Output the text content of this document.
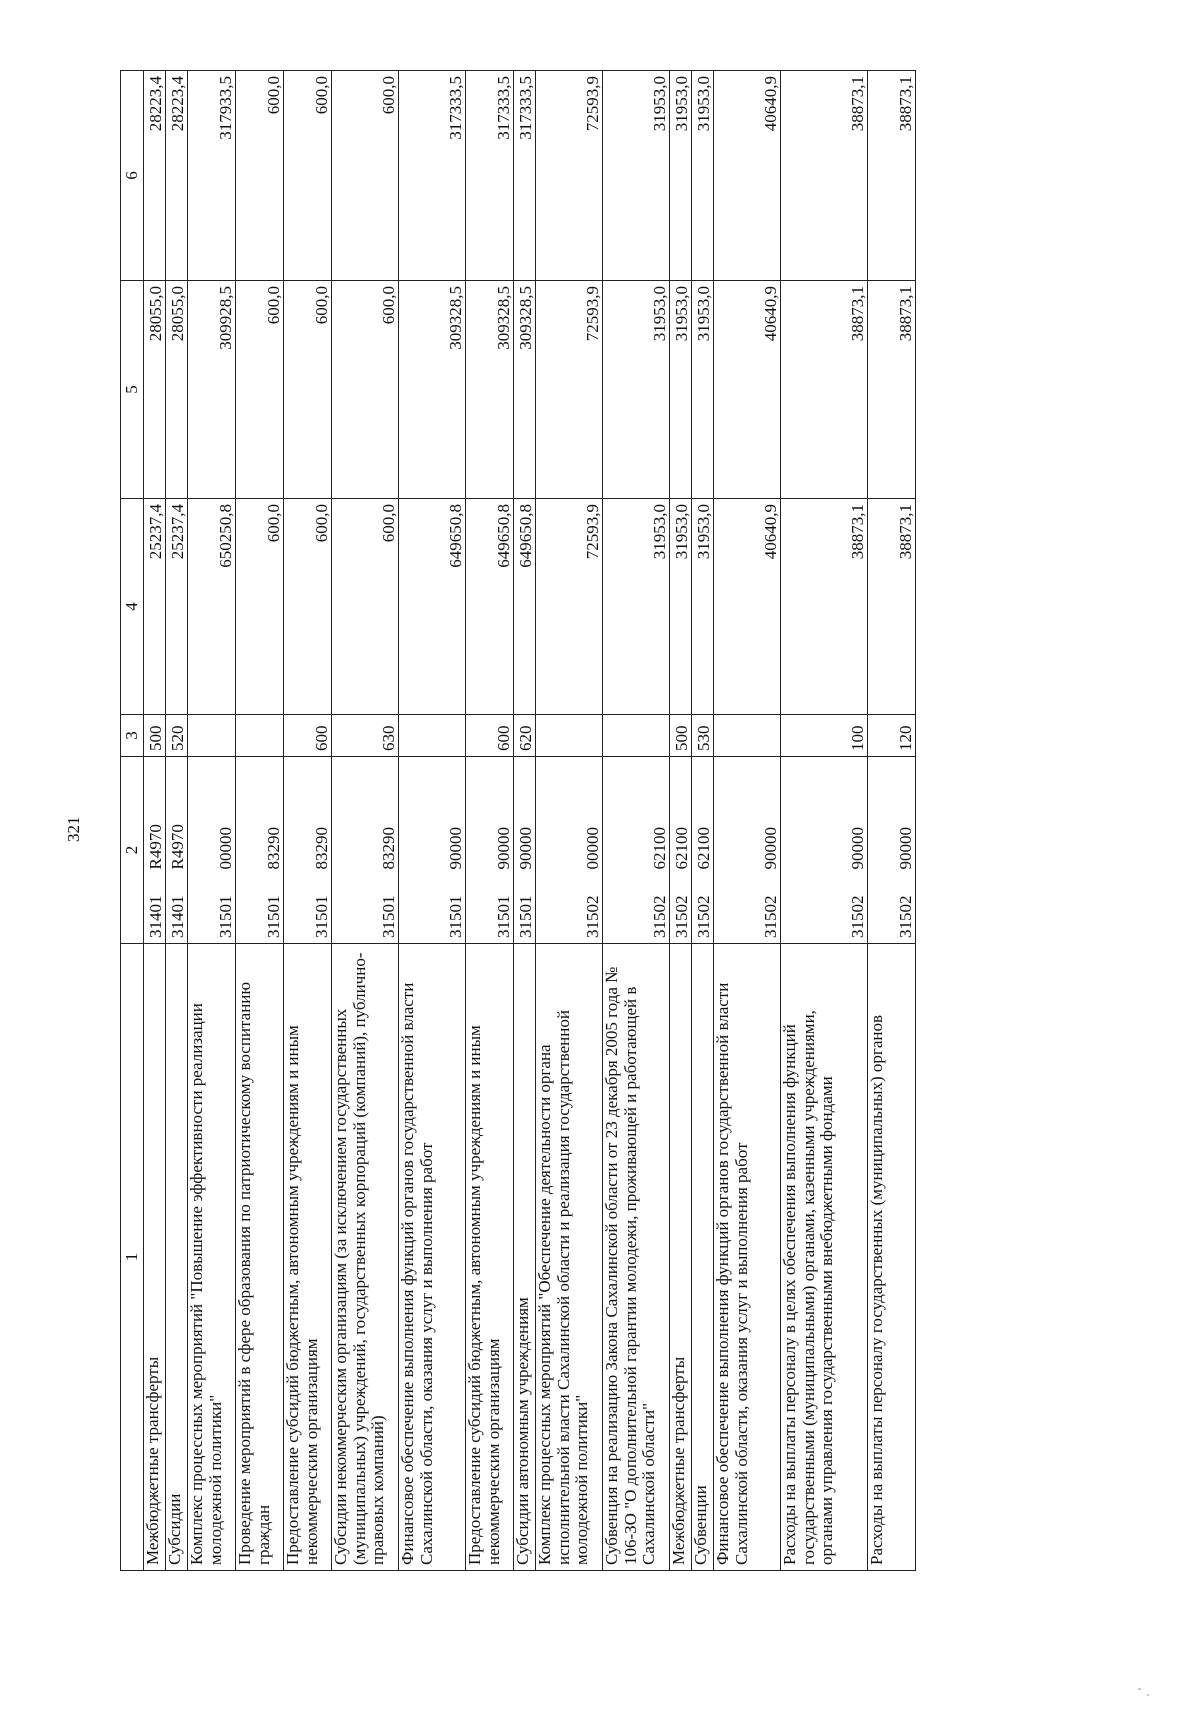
321
1	2	3	4	5	6
Межбюджетные трансферты	31401  R4970	500	25237,4	28055,0	28223,4
Субсидии	31401  R4970	520	25237,4	28055,0	28223,4
Комплекс процессных мероприятий "Повышение эффективности реализации молодежной политики"	31501  00000		650250,8	309928,5	317933,5
Проведение мероприятий в сфере образования по патриотическому воспитанию граждан	31501  83290		600,0	600,0	600,0
Предоставление субсидий бюджетным, автономным учреждениям и иным некоммерческим организациям	31501  83290	600	600,0	600,0	600,0
Субсидии некоммерческим организациям (за исключением государственных (муниципальных) учреждений, государственных корпораций (компаний), публично-правовых компаний)	31501  83290	630	600,0	600,0	600,0
Финансовое обеспечение выполнения функций органов государственной власти Сахалинской области, оказания услуг и выполнения работ	31501  90000		649650,8	309328,5	317333,5
Предоставление субсидий бюджетным, автономным учреждениям и иным некоммерческим организациям	31501  90000	600	649650,8	309328,5	317333,5
Субсидии автономным учреждениям	31501  90000	620	649650,8	309328,5	317333,5
Комплекс процессных мероприятий "Обеспечение деятельности органа исполнительной власти Сахалинской области и реализация государственной молодежной политики"	31502  00000		72593,9	72593,9	72593,9
Субвенция на реализацию Закона Сахалинской области от 23 декабря 2005 года № 106-ЗО "О дополнительной гарантии молодежи, проживающей и работающей в Сахалинской области"	31502  62100		31953,0	31953,0	31953,0
Межбюджетные трансферты	31502  62100	500	31953,0	31953,0	31953,0
Субвенции	31502  62100	530	31953,0	31953,0	31953,0
Финансовое обеспечение выполнения функций органов государственной власти Сахалинской области, оказания услуг и выполнения работ	31502  90000		40640,9	40640,9	40640,9
Расходы на выплаты персоналу в целях обеспечения выполнения функций государственными (муниципальными) органами, казенными учреждениями, органами управления государственными внебюджетными фондами	31502  90000	100	38873,1	38873,1	38873,1
Расходы на выплаты персоналу государственных (муниципальных) органов	31502  90000	120	38873,1	38873,1	38873,1
